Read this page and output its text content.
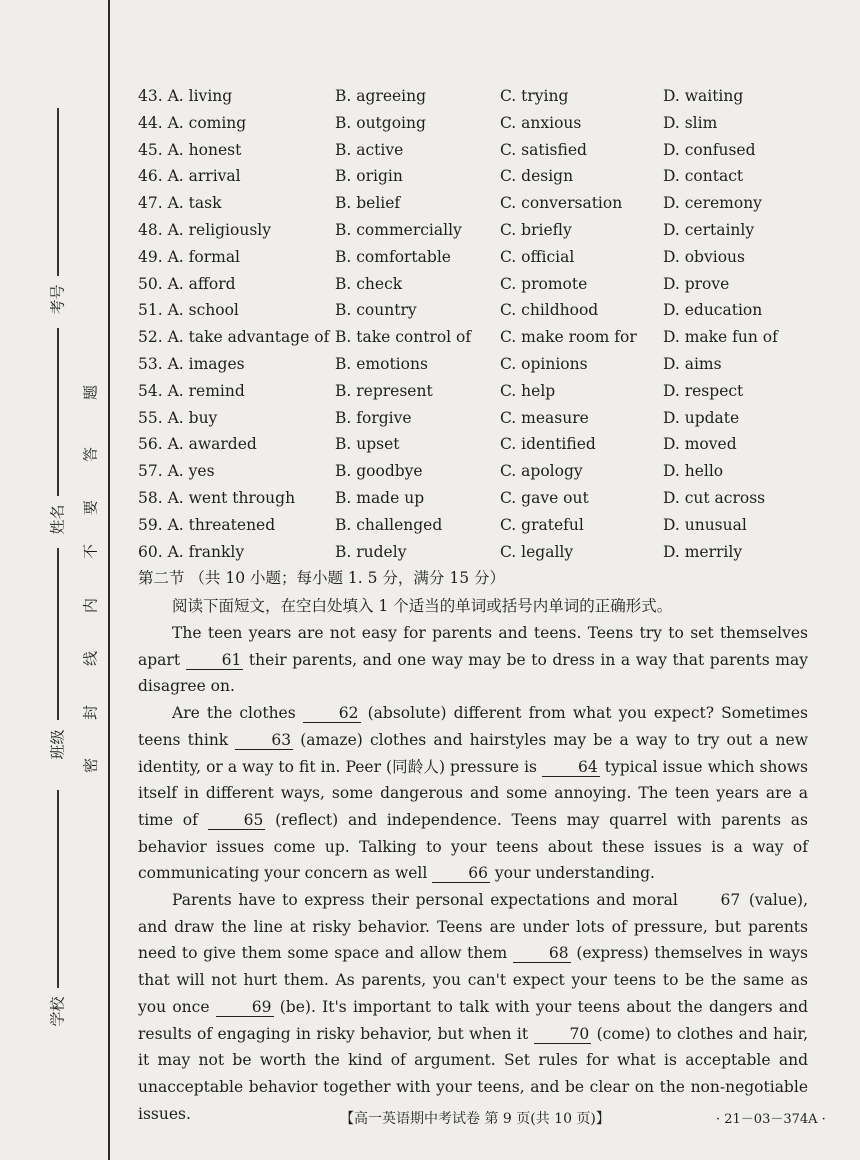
考号
姓名
班级
学校
题
答
要
不
内
线
封
密
43. A. living	B. agreeing	C. trying	D. waiting
44. A. coming	B. outgoing	C. anxious	D. slim
45. A. honest	B. active	C. satisfied	D. confused
46. A. arrival	B. origin	C. design	D. contact
47. A. task	B. belief	C. conversation	D. ceremony
48. A. religiously	B. commercially C. briefly	D. certainly
49. A. formal	B. comfortable	C. official	D. obvious
50. A. afford	B. check	C. promote	D. prove
51. A. school	B. country	C. childhood	D. education
52. A. take advantage of B. take control of C. make room for D. make fun of
53. A. images	B. emotions	C. opinions	D. aims
54. A. remind	B. represent	C. help	D. respect
55. A. buy	B. forgive	C. measure	D. update
56. A. awarded	B. upset	C. identified	D. moved
57. A. yes	B. goodbye	C. apology	D. hello
58. A. went through	B. made up	C. gave out	D. cut across
59. A. threatened	B. challenged	C. grateful	D. unusual
60. A. frankly	B. rudely	C. legally	D. merrily
第二节 （共 10 小题；每小题 1. 5 分，满分 15 分）
阅读下面短文，在空白处填入 1 个适当的单词或括号内单词的正确形式。

The teen years are not easy for parents and teens. Teens try to set themselves apart 61 their parents, and one way may be to dress in a way that parents may disagree on.

Are the clothes 62 (absolute) different from what you expect? Sometimes teens think 63 (amaze) clothes and hairstyles may be a way to try out a new identity, or a way to fit in. Peer (同龄人) pressure is 64 typical issue which shows itself in different ways, some dangerous and some annoying. The teen years are a time of 65 (reflect) and independence. Teens may quarrel with parents as behavior issues come up. Talking to your teens about these issues is a way of communicating your concern as well 66 your understanding.

Parents have to express their personal expectations and moral 67 (value), and draw the line at risky behavior. Teens are under lots of pressure, but parents need to give them some space and allow them 68 (express) themselves in ways that will not hurt them. As parents, you can't expect your teens to be the same as you once 69 (be). It's important to talk with your teens about the dangers and results of engaging in risky behavior, but when it 70 (come) to clothes and hair, it may not be worth the kind of argument. Set rules for what is acceptable and unacceptable behavior together with your teens, and be clear on the non-negotiable issues.	【高一英语期中考试卷 第 9 页(共 10 页)】	· 21－03－374A ·
